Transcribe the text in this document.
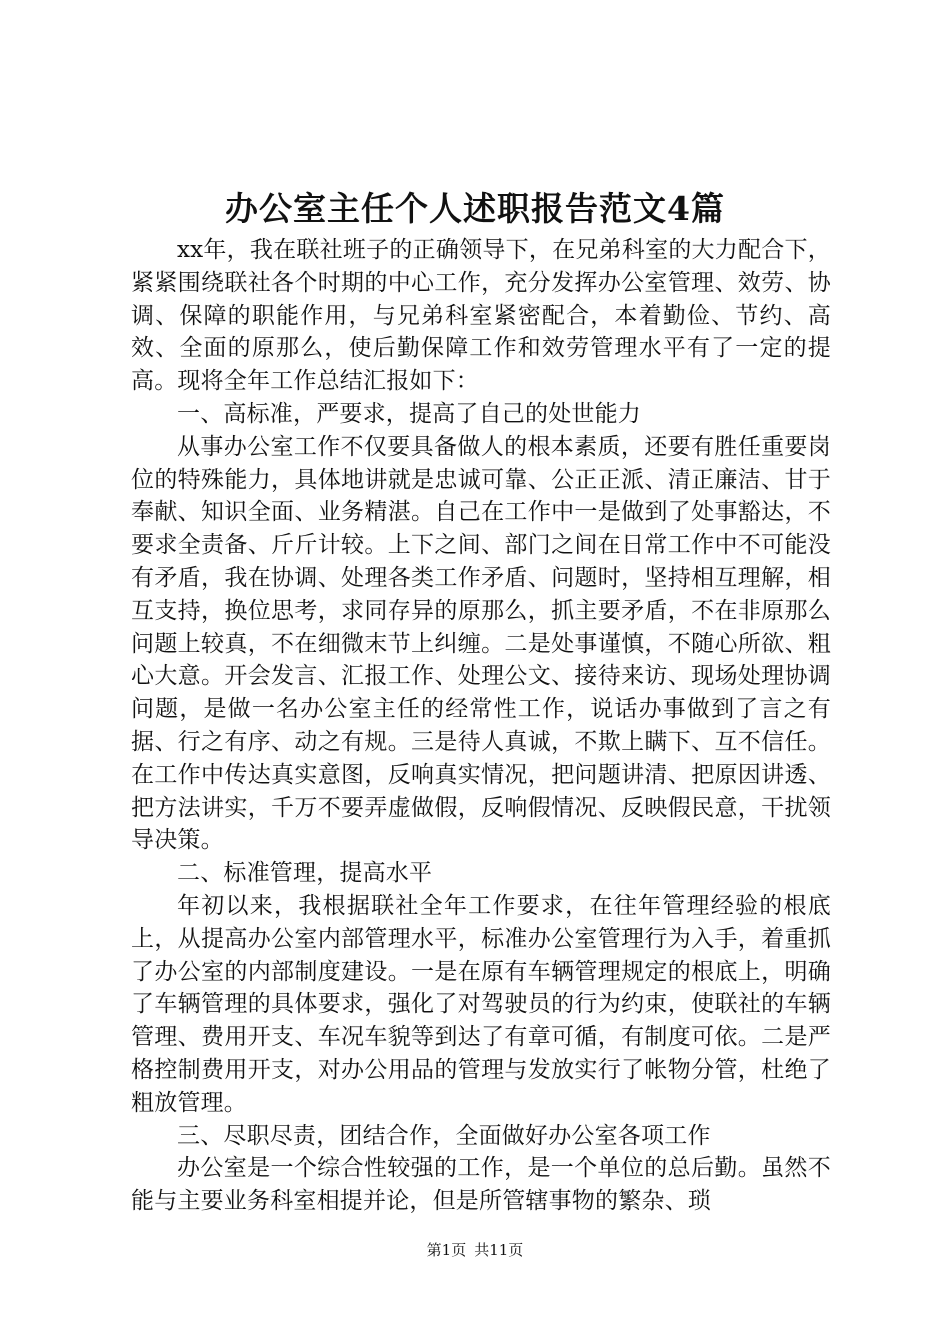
办公室主任个人述职报告范文4篇

xx年，我在联社班子的正确领导下，在兄弟科室的大力配合下，紧紧围绕联社各个时期的中心工作，充分发挥办公室管理、效劳、协调、保障的职能作用，与兄弟科室紧密配合，本着勤俭、节约、高效、全面的原那么，使后勤保障工作和效劳管理水平有了一定的提高。现将全年工作总结汇报如下：

一、高标准，严要求，提高了自己的处世能力

从事办公室工作不仅要具备做人的根本素质，还要有胜任重要岗位的特殊能力，具体地讲就是忠诚可靠、公正正派、清正廉洁、甘于奉献、知识全面、业务精湛。自己在工作中一是做到了处事豁达，不要求全责备、斤斤计较。上下之间、部门之间在日常工作中不可能没有矛盾，我在协调、处理各类工作矛盾、问题时，坚持相互理解，相互支持，换位思考，求同存异的原那么，抓主要矛盾，不在非原那么问题上较真，不在细微末节上纠缠。二是处事谨慎，不随心所欲、粗心大意。开会发言、汇报工作、处理公文、接待来访、现场处理协调问题，是做一名办公室主任的经常性工作，说话办事做到了言之有据、行之有序、动之有规。三是待人真诚，不欺上瞒下、互不信任。在工作中传达真实意图，反响真实情况，把问题讲清、把原因讲透、把方法讲实，千万不要弄虚做假，反响假情况、反映假民意，干扰领导决策。

二、标准管理，提高水平

年初以来，我根据联社全年工作要求，在往年管理经验的根底上，从提高办公室内部管理水平，标准办公室管理行为入手，着重抓了办公室的内部制度建设。一是在原有车辆管理规定的根底上，明确了车辆管理的具体要求，强化了对驾驶员的行为约束，使联社的车辆管理、费用开支、车况车貌等到达了有章可循，有制度可依。二是严格控制费用开支，对办公用品的管理与发放实行了帐物分管，杜绝了粗放管理。

三、尽职尽责，团结合作，全面做好办公室各项工作

办公室是一个综合性较强的工作，是一个单位的总后勤。虽然不能与主要业务科室相提并论，但是所管辖事物的繁杂、琐

第1页 共11页
